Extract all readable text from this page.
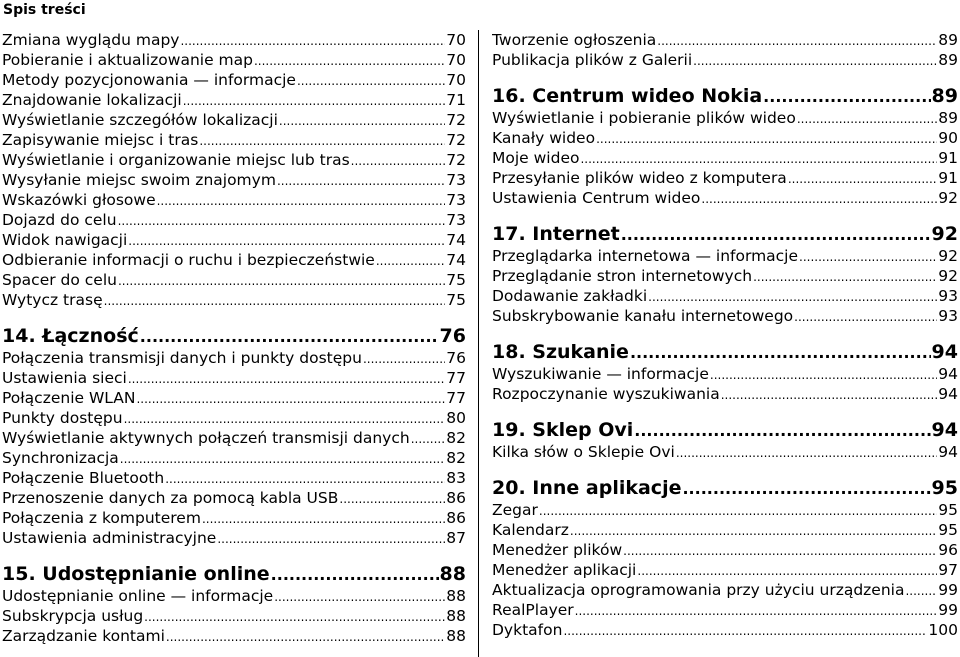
Spis treści
Zmiana wyglądu mapy .....	70
Pobieranie i aktualizowanie map .....	70
Metody pozycjonowania — informacje .....	70
Znajdowanie lokalizacji .....	71
Wyświetlanie szczegółów lokalizacji .....	72
Zapisywanie miejsc i tras .....	72
Wyświetlanie i organizowanie miejsc lub tras .....	72
Wysyłanie miejsc swoim znajomym .....	73
Wskazówki głosowe .....	73
Dojazd do celu .....	73
Widok nawigacji .....	74
Odbieranie informacji o ruchu i bezpieczeństwie .....	74
Spacer do celu .....	75
Wytycz trasę .....	75
14. Łączność .....	76
Połączenia transmisji danych i punkty dostępu .....	76
Ustawienia sieci .....	77
Połączenie WLAN .....	77
Punkty dostępu .....	80
Wyświetlanie aktywnych połączeń transmisji danych ..... 82
Synchronizacja .....	82
Połączenie Bluetooth .....	83
Przenoszenie danych za pomocą kabla USB .....	86
Połączenia z komputerem .....	86
Ustawienia administracyjne .....	87
15. Udostępnianie online .....	88
Udostępnianie online — informacje .....	88
Subskrypcja usług .....	88
Zarządzanie kontami .....	88
Tworzenie ogłoszenia .....	89
Publikacja plików z Galerii .....	89
16. Centrum wideo Nokia .....	89
Wyświetlanie i pobieranie plików wideo .....	89
Kanały wideo .....	90
Moje wideo .....	91
Przesyłanie plików wideo z komputera .....	91
Ustawienia Centrum wideo .....	92
17. Internet .....	92
Przeglądarka internetowa — informacje .....	92
Przeglądanie stron internetowych .....	92
Dodawanie zakładki .....	93
Subskrybowanie kanału internetowego .....	93
18. Szukanie .....	94
Wyszukiwanie — informacje .....	94
Rozpoczynanie wyszukiwania .....	94
19. Sklep Ovi .....	94
Kilka słów o Sklepie Ovi .....	94
20. Inne aplikacje .....	95
Zegar .....	95
Kalendarz .....	95
Menedżer plików .....	96
Menedżer aplikacji .....	97
Aktualizacja oprogramowania przy użyciu urządzenia ..... 99
RealPlayer .....	99
Dyktafon .....	100
